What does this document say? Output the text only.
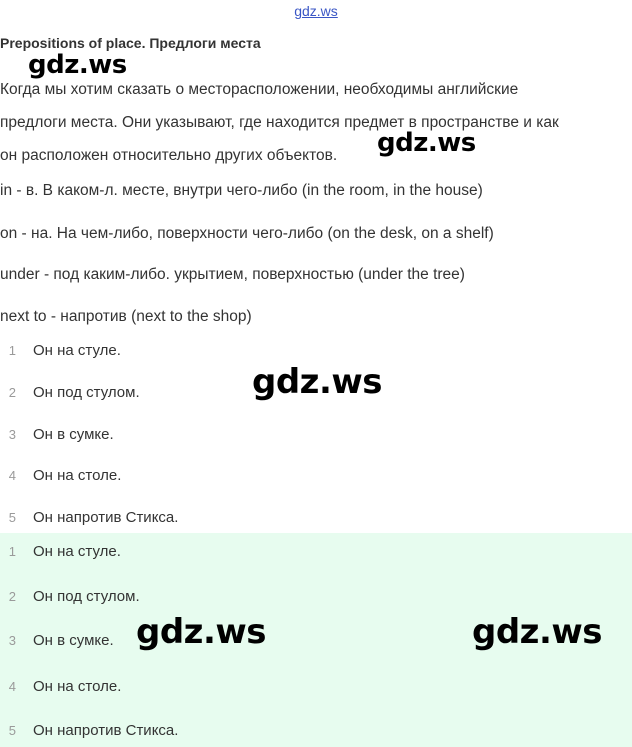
gdz.ws
Prepositions of place. Предлоги места
Когда мы хотим сказать о месторасположении, необходимы английские
предлоги места. Они указывают, где находится предмет в пространстве и как
он расположен относительно других объектов.
in - в. В каком-л. месте, внутри чего-либо (in the room, in the house)
on - на. На чем-либо, поверхности чего-либо (on the desk, on a shelf)
under - под каким-либо. укрытием, поверхностью (under the tree)
next to - напротив (next to the shop)
1 Он на стуле.
2 Он под стулом.
3 Он в сумке.
4 Он на столе.
5 Он напротив Стикса.
1 Он на стуле.
2 Он под стулом.
3 Он в сумке.
4 Он на столе.
5 Он напротив Стикса.
gdz.ws
gdz.ws
gdz.ws
gdz.ws	gdz.ws
